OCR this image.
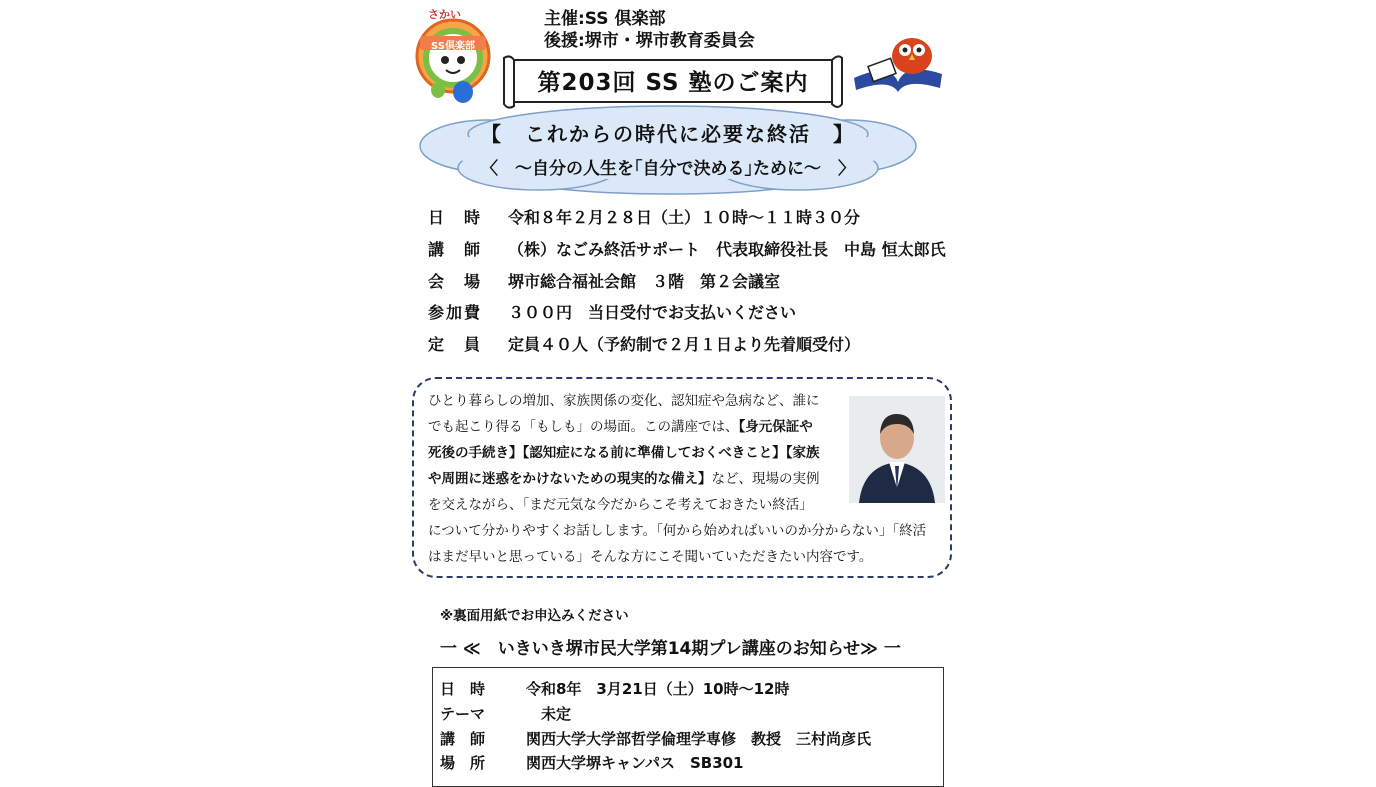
さかい
SS倶楽部
主催:SS 倶楽部
後援:堺市・堺市教育委員会
第203回 SS 塾のご案内
【　これからの時代に必要な終活　】
〈　～自分の人生を｢自分で決める｣ために～　〉
日　時 令和８年２月２８日（土）１０時～１１時３０分
講　師 （株）なごみ終活サポート　代表取締役社長　中島 恒太郎氏
会　場 堺市総合福祉会館　３階　第２会議室
参加費 ３００円　当日受付でお支払いください
定　員 定員４０人（予約制で２月１日より先着順受付）
ひとり暮らしの増加、家族関係の変化、認知症や急病など、誰に
でも起こり得る「もしも」の場面。この講座では、【身元保証や
死後の手続き】【認知症になる前に準備しておくべきこと】【家族
や周囲に迷惑をかけないための現実的な備え】など、現場の実例
を交えながら、「まだ元気な今だからこそ考えておきたい終活」
について分かりやすくお話しします。「何から始めればいいのか分からない」「終活
はまだ早いと思っている」そんな方にこそ聞いていただきたい内容です。
※裏面用紙でお申込みください
一 ≪　いきいき堺市民大学第14期プレ講座のお知らせ≫ 一
日　時	令和8年　3月21日（土）10時～12時
テーマ	　未定
講　師	関西大学大学部哲学倫理学専修　教授　三村尚彦氏
場　所	関西大学堺キャンパス　SB301
